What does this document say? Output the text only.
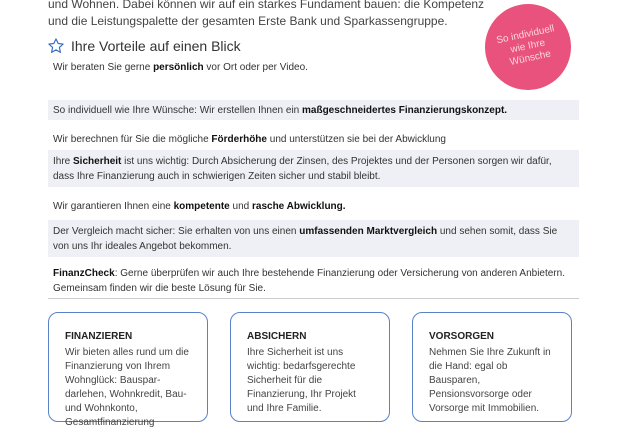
und Wohnen. Dabei können wir auf ein starkes Fundament bauen: die Kompetenz und die Leistungspalette der gesamten Erste Bank und Sparkassengruppe.

Ihre Vorteile auf einen Blick	So individuell wie Ihre Wünsche
Wir beraten Sie gerne persönlich vor Ort oder per Video.
So individuell wie Ihre Wünsche: Wir erstellen Ihnen ein maßgeschneidertes Finanzierungskonzept.
Wir berechnen für Sie die mögliche Förderhöhe und unterstützen sie bei der Abwicklung
Ihre Sicherheit ist uns wichtig: Durch Absicherung der Zinsen, des Projektes und der Personen sorgen wir dafür, dass Ihre Finanzierung auch in schwierigen Zeiten sicher und stabil bleibt.
Wir garantieren Ihnen eine kompetente und rasche Abwicklung.
Der Vergleich macht sicher: Sie erhalten von uns einen umfassenden Marktvergleich und sehen somit, dass Sie von uns Ihr ideales Angebot bekommen.
FinanzCheck: Gerne überprüfen wir auch Ihre bestehende Finanzierung oder Versicherung von anderen Anbietern. Gemeinsam finden wir die beste Lösung für Sie.
FINANZIEREN

Wir bieten alles rund um die Finanzierung von Ihrem Wohnglück: Bauspar-darlehen, Wohnkredit, Bau- und Wohnkonto, Gesamtfinanzierung

ABSICHERN

Ihre Sicherheit ist uns wichtig: bedarfsgerechte Sicherheit für die Finanzierung, Ihr Projekt und Ihre Familie.

VORSORGEN

Nehmen Sie Ihre Zukunft in die Hand: egal ob Bausparen, Pensionsvorsorge oder Vorsorge mit Immobilien.
